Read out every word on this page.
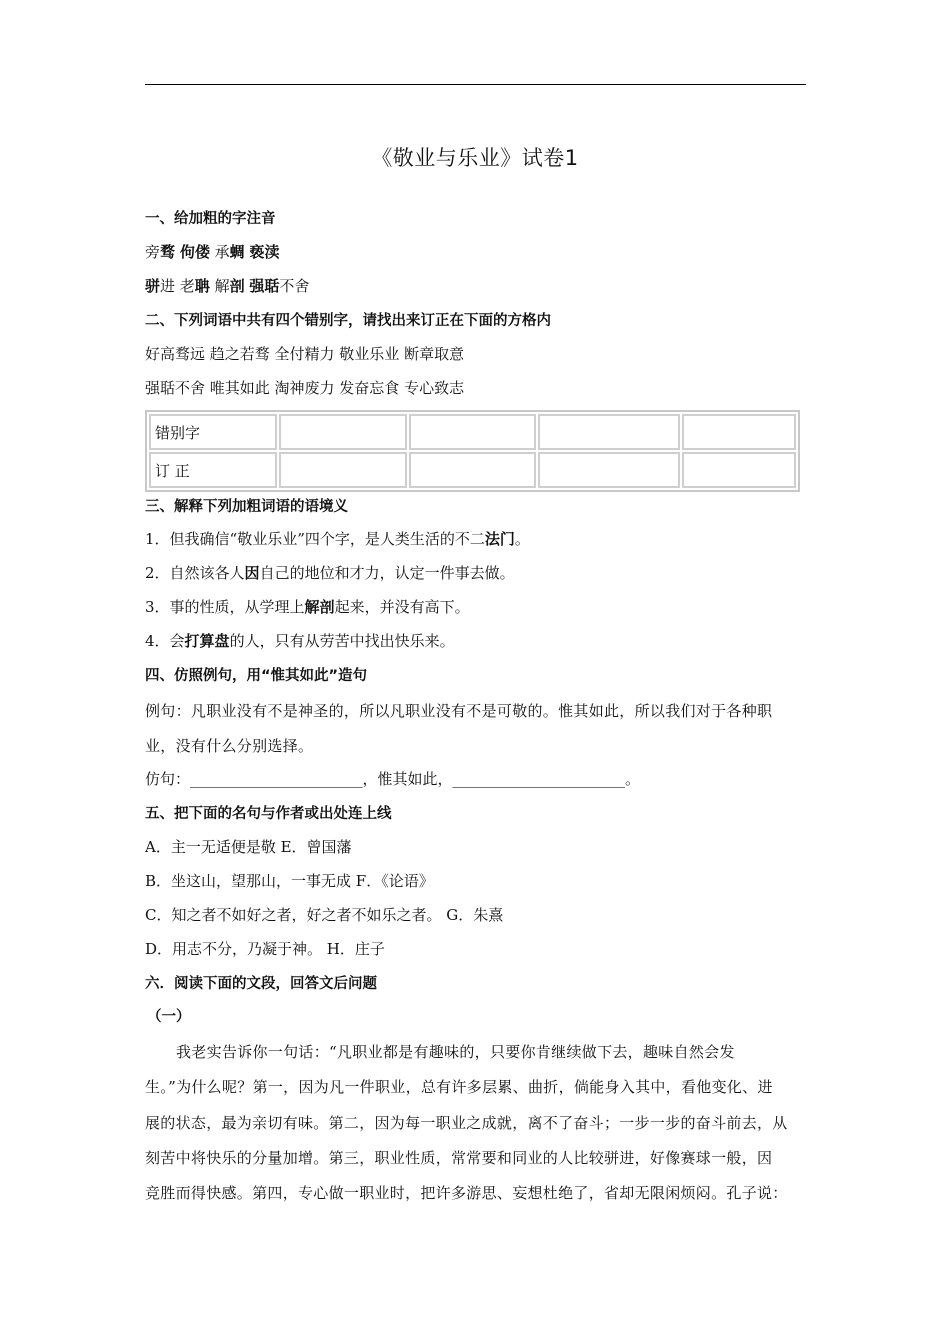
《敬业与乐业》试卷1
一、给加粗的字注音
旁骛 佝偻 承蜩 亵渎
骈进 老聃 解剖 强聒不舍
二、下列词语中共有四个错别字，请找出来订正在下面的方格内
好高骛远 趋之若骛 全付精力 敬业乐业 断章取意
强聒不舍 唯其如此 淘神废力 发奋忘食 专心致志
错别字				
订 正				
三、解释下列加粗词语的语境义
1．但我确信“敬业乐业”四个字，是人类生活的不二法门。
2．自然该各人因自己的地位和才力，认定一件事去做。
3．事的性质，从学理上解剖起来，并没有高下。
4．会打算盘的人，只有从劳苦中找出快乐来。
四、仿照例句，用“惟其如此”造句
例句：凡职业没有不是神圣的，所以凡职业没有不是可敬的。惟其如此，所以我们对于各种职
业，没有什么分别选择。
仿句：_______________________，惟其如此，_______________________。
五、把下面的名句与作者或出处连上线
A．主一无适便是敬 E．曾国藩
B．坐这山，望那山，一事无成 F．《论语》
C．知之者不如好之者，好之者不如乐之者。 G．朱熹
D．用志不分，乃凝于神。 H．庄子
六．阅读下面的文段，回答文后问题
（一）
我老实告诉你一句话：“凡职业都是有趣味的，只要你肯继续做下去，趣味自然会发
生。”为什么呢？第一，因为凡一件职业，总有许多层累、曲折，倘能身入其中，看他变化、进
展的状态，最为亲切有味。第二，因为每一职业之成就，离不了奋斗；一步一步的奋斗前去，从
刻苦中将快乐的分量加增。第三，职业性质，常常要和同业的人比较骈进，好像赛球一般，因
竞胜而得快感。第四，专心做一职业时，把许多游思、妄想杜绝了，省却无限闲烦闷。孔子说：
